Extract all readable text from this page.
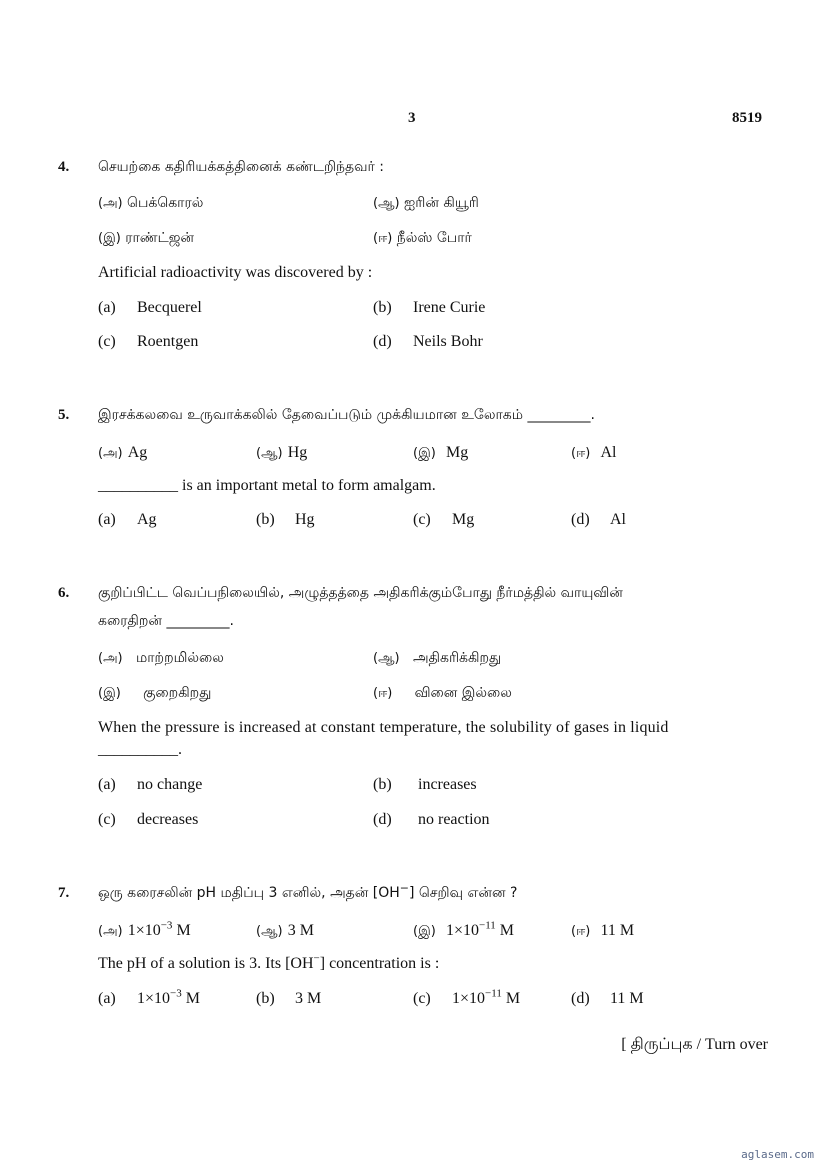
3	8519
4. செயற்கை கதிரியக்கத்தினைக் கண்டறிந்தவர் :
(அ) பெக்கொரல்	(ஆ) ஐரின் கியூரி
(இ) ராண்ட்ஜன்	(ஈ) நீல்ஸ் போர்
Artificial radioactivity was discovered by :
(a) Becquerel	(b) Irene Curie
(c) Roentgen	(d) Neils Bohr
5. இரசக்கலவை உருவாக்கலில் தேவைப்படும் முக்கியமான உலோகம் _________.
(அ) Ag	(ஆ) Hg	(இ) Mg	(ஈ) Al
__________ is an important metal to form amalgam.
(a) Ag	(b) Hg	(c) Mg	(d) Al
6. குறிப்பிட்ட வெப்பநிலையில், அழுத்தத்தை அதிகரிக்கும்போது நீர்மத்தில் வாயுவின்
கரைதிறன் _________.
(அ) மாற்றமில்லை	(ஆ) அதிகரிக்கிறது
(இ) குறைகிறது	(ஈ) வினை இல்லை
When the pressure is increased at constant temperature, the solubility of gases in liquid
__________.
(a) no change	(b) increases
(c) decreases	(d) no reaction
7. ஒரு கரைசலின் pH மதிப்பு 3 எனில், அதன் [OH−] செறிவு என்ன ?
(அ) $1\times 10^{-3}$ M	(ஆ) 3 M	(இ) $1\times 10^{-11}$ M	(ஈ) 11 M
The pH of a solution is 3. Its [OH−] concentration is :
(a) $1\times 10^{-3}$ M	(b) 3 M	(c) $1\times 10^{-11}$ M	(d) 11 M
[ திருப்புக / Turn over
aglasem.com
